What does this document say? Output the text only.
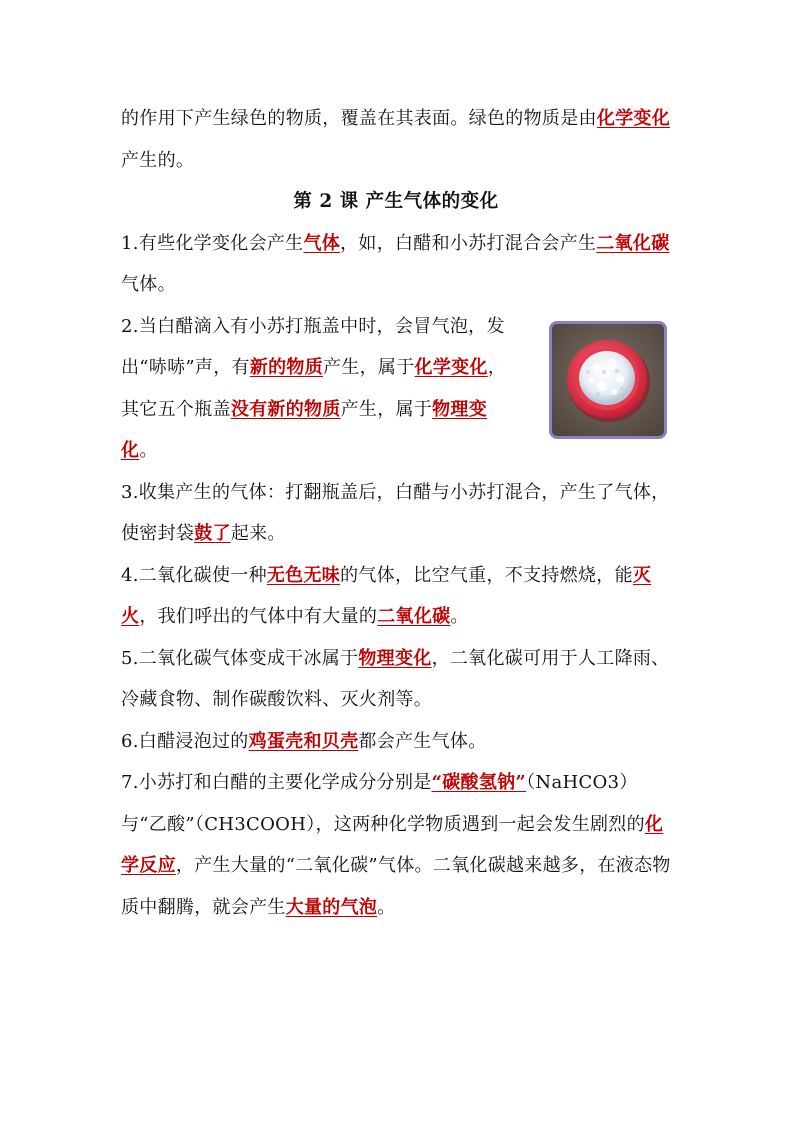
的作用下产生绿色的物质，覆盖在其表面。绿色的物质是由化学变化产生的。

第 2 课 产生气体的变化

1.有些化学变化会产生气体，如，白醋和小苏打混合会产生二氧化碳气体。

2.当白醋滴入有小苏打瓶盖中时，会冒气泡，发出“哧哧”声，有新的物质产生，属于化学变化，其它五个瓶盖没有新的物质产生，属于物理变化。

3.收集产生的气体：打翻瓶盖后，白醋与小苏打混合，产生了气体，使密封袋鼓了起来。

4.二氧化碳使一种无色无味的气体，比空气重，不支持燃烧，能灭火，我们呼出的气体中有大量的二氧化碳。

5.二氧化碳气体变成干冰属于物理变化，二氧化碳可用于人工降雨、冷藏食物、制作碳酸饮料、灭火剂等。

6.白醋浸泡过的鸡蛋壳和贝壳都会产生气体。

7.小苏打和白醋的主要化学成分分别是“碳酸氢钠”（NaHCO3）与“乙酸”（CH3COOH），这两种化学物质遇到一起会发生剧烈的化学反应，产生大量的“二氧化碳”气体。二氧化碳越来越多，在液态物质中翻腾，就会产生大量的气泡。
